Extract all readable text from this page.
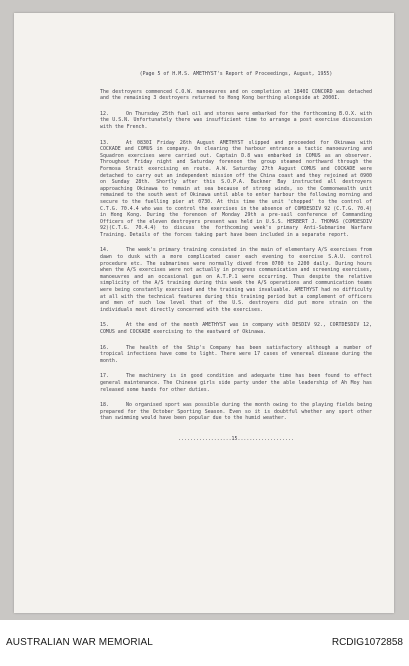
(Page 5 of H.M.S. AMETHYST's Report of Proceedings, August, 1955)

The destroyers commenced C.O.W. manoeuvres and on completion at 1840I CONCORD was detached and the remaining 3 destroyers returned to Hong Kong berthing alongside at 2000I.

12.	On Thursday 25th fuel oil and stores were embarked for the forthcoming B.O.X. with the U.S.N. Unfortunately there was insufficient time to arrange a post exercise discussion with the French.

13.	At 0830I Friday 26th August AMETHYST slipped and proceeded for Okinawa with COCKADE and COMUS in company. On clearing the harbour entrance a tactic manoeuvring and Squadron exercises were carried out. Captain D.8 was embarked in COMUS as an observer. Throughout Friday night and Saturday forenoon the group steamed northward through the Formosa Strait exercising en route. A.W. Saturday 27th August COMUS and COCKADE were detached to carry out an independent mission off the China coast and they rejoined at 0900 on Sunday 28th. Shortly after this S.O.P.A. Buckner Bay instructed all destroyers approaching Okinawa to remain at sea because of strong winds, so the Commonwealth unit remained to the south west of Okinawa until able to enter harbour the following morning and secure to the fuelling pier at 0730. At this time the unit 'chopped' to the control of C.T.G. 70.4.4 who was to control the exercises in the absence of COMDESDIV 92 (C.T.G. 70.4) in Hong Kong. During the forenoon of Monday 29th a pre-sail conference of Commanding Officers of the eleven destroyers present was held in U.S.S. HERBERT J. THOMAS (COMDESDIV 92)(C.T.G. 70.4.4) to discuss the forthcoming week's primary Anti-Submarine Warfare Training. Details of the forces taking part have been included in a separate report.

14.	The week's primary training consisted in the main of elementary A/S exercises from dawn to dusk with a more complicated caser each evening to exercise S.A.U. control procedure etc. The submarines were normally dived from 0700 to 2200 daily. During hours when the A/S exercises were not actually in progress communication and screening exercises, manoeuvres and an occasional gun on A.T.P.1 were occurring. Thus despite the relative simplicity of the A/S training during this week the A/S operations and communication teams were being constantly exercised and the training was invaluable. AMETHYST had no difficulty at all with the technical features during this training period but a complement of officers and men of such low level that of the U.S. destroyers did put more strain on the individuals most directly concerned with the exercises.

15.	At the end of the month AMETHYST was in company with DESDIV 92., CORTDESDIV 12, COMUS and COCKADE exercising to the eastward of Okinawa.

16.	The health of the Ship's Company has been satisfactory although a number of tropical infections have come to light. There were 17 cases of venereal disease during the month.

17.	The machinery is in good condition and adequate time has been found to effect general maintenance. The Chinese girls side party under the able leadership of Ah Moy has released some hands for other duties.

18.	No organised sport was possible during the month owing to the playing fields being prepared for the October Sporting Season. Even so it is doubtful whether any sport other than swimming would have been popular due to the humid weather.

..................15...................

AUSTRALIAN WAR MEMORIAL	RCDIG1072858
